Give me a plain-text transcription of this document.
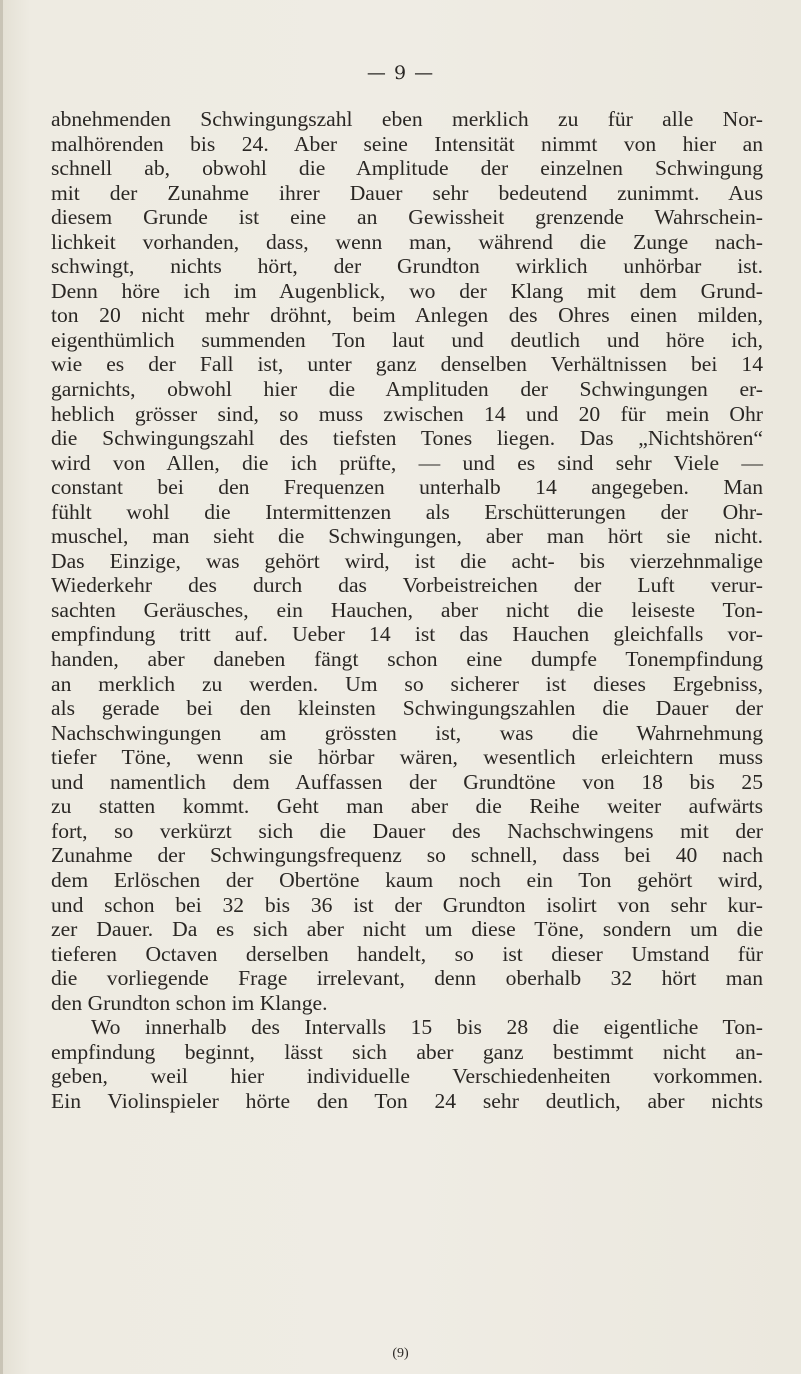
— 9 —
abnehmenden Schwingungszahl eben merklich zu für alle Nor-
malhörenden bis 24. Aber seine Intensität nimmt von hier an
schnell ab, obwohl die Amplitude der einzelnen Schwingung
mit der Zunahme ihrer Dauer sehr bedeutend zunimmt. Aus
diesem Grunde ist eine an Gewissheit grenzende Wahrschein-
lichkeit vorhanden, dass, wenn man, während die Zunge nach-
schwingt, nichts hört, der Grundton wirklich unhörbar ist.
Denn höre ich im Augenblick, wo der Klang mit dem Grund-
ton 20 nicht mehr dröhnt, beim Anlegen des Ohres einen milden,
eigenthümlich summenden Ton laut und deutlich und höre ich,
wie es der Fall ist, unter ganz denselben Verhältnissen bei 14
garnichts, obwohl hier die Amplituden der Schwingungen er-
heblich grösser sind, so muss zwischen 14 und 20 für mein Ohr
die Schwingungszahl des tiefsten Tones liegen. Das „Nichtshören“
wird von Allen, die ich prüfte, — und es sind sehr Viele —
constant bei den Frequenzen unterhalb 14 angegeben. Man
fühlt wohl die Intermittenzen als Erschütterungen der Ohr-
muschel, man sieht die Schwingungen, aber man hört sie nicht.
Das Einzige, was gehört wird, ist die acht- bis vierzehnmalige
Wiederkehr des durch das Vorbeistreichen der Luft verur-
sachten Geräusches, ein Hauchen, aber nicht die leiseste Ton-
empfindung tritt auf. Ueber 14 ist das Hauchen gleichfalls vor-
handen, aber daneben fängt schon eine dumpfe Tonempfindung
an merklich zu werden. Um so sicherer ist dieses Ergebniss,
als gerade bei den kleinsten Schwingungszahlen die Dauer der
Nachschwingungen am grössten ist, was die Wahrnehmung
tiefer Töne, wenn sie hörbar wären, wesentlich erleichtern muss
und namentlich dem Auffassen der Grundtöne von 18 bis 25
zu statten kommt. Geht man aber die Reihe weiter aufwärts
fort, so verkürzt sich die Dauer des Nachschwingens mit der
Zunahme der Schwingungsfrequenz so schnell, dass bei 40 nach
dem Erlöschen der Obertöne kaum noch ein Ton gehört wird,
und schon bei 32 bis 36 ist der Grundton isolirt von sehr kur-
zer Dauer. Da es sich aber nicht um diese Töne, sondern um die
tieferen Octaven derselben handelt, so ist dieser Umstand für
die vorliegende Frage irrelevant, denn oberhalb 32 hört man
den Grundton schon im Klange.
Wo innerhalb des Intervalls 15 bis 28 die eigentliche Ton-
empfindung beginnt, lässt sich aber ganz bestimmt nicht an-
geben, weil hier individuelle Verschiedenheiten vorkommen.
Ein Violinspieler hörte den Ton 24 sehr deutlich, aber nichts
(9)
